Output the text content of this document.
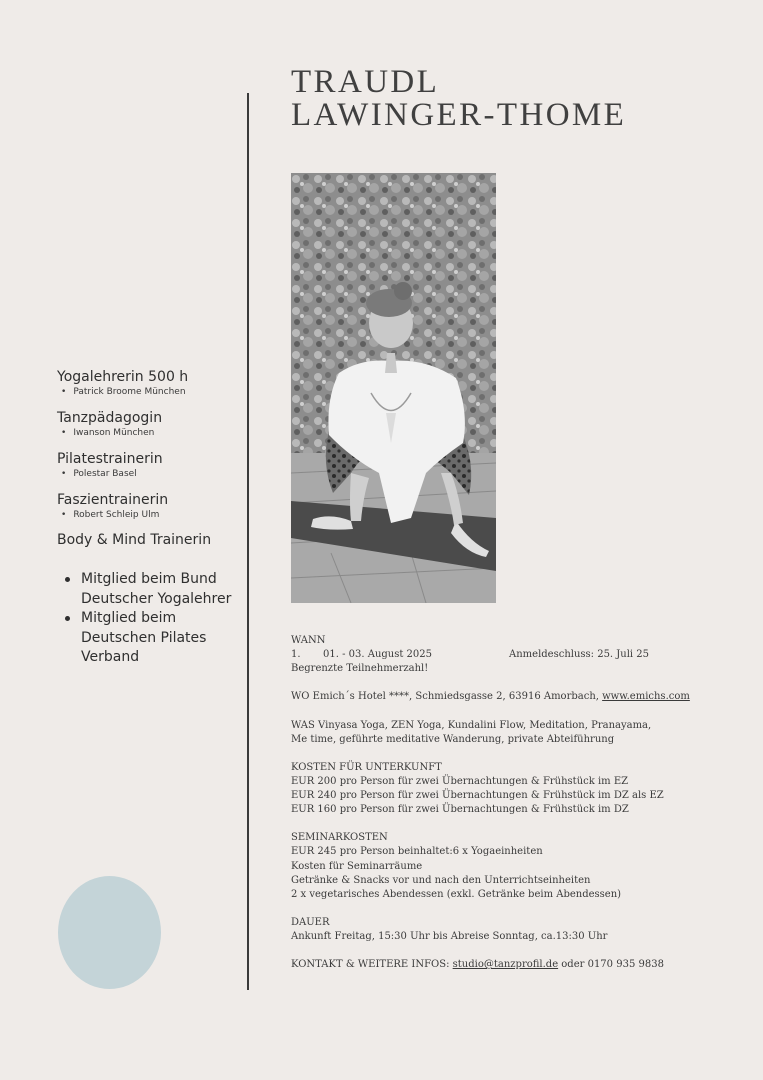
TRAUDL
LAWINGER-THOME
Yogalehrerin 500 h
• Patrick Broome München
Tanzpädagogin
• Iwanson München
Pilatestrainerin
• Polestar Basel
Faszientrainerin
• Robert Schleip Ulm
Body & Mind Trainerin
Mitglied beim Bund Deutscher Yogalehrer
Mitglied beim Deutschen Pilates Verband
WANN
1.	01. - 03. August 2025	Anmeldeschluss: 25. Juli 25

Begrenzte Teilnehmerzahl!

WO Emich´s Hotel ****, Schmiedsgasse 2, 63916 Amorbach, www.emichs.com

WAS Vinyasa Yoga, ZEN Yoga, Kundalini Flow, Meditation, Pranayama,
Me time, geführte meditative Wanderung, private Abteiführung

KOSTEN FÜR UNTERKUNFT
EUR 200 pro Person für zwei Übernachtungen & Frühstück im EZ
EUR 240 pro Person für zwei Übernachtungen & Frühstück im DZ als EZ
EUR 160 pro Person für zwei Übernachtungen & Frühstück im DZ

SEMINARKOSTEN
EUR 245 pro Person beinhaltet:6 x Yogaeinheiten
Kosten für Seminarräume
Getränke & Snacks vor und nach den Unterrichtseinheiten
2 x vegetarisches Abendessen (exkl. Getränke beim Abendessen)

DAUER
Ankunft Freitag, 15:30 Uhr bis Abreise Sonntag, ca.13:30 Uhr

KONTAKT & WEITERE INFOS: studio@tanzprofil.de oder 0170 935 9838
